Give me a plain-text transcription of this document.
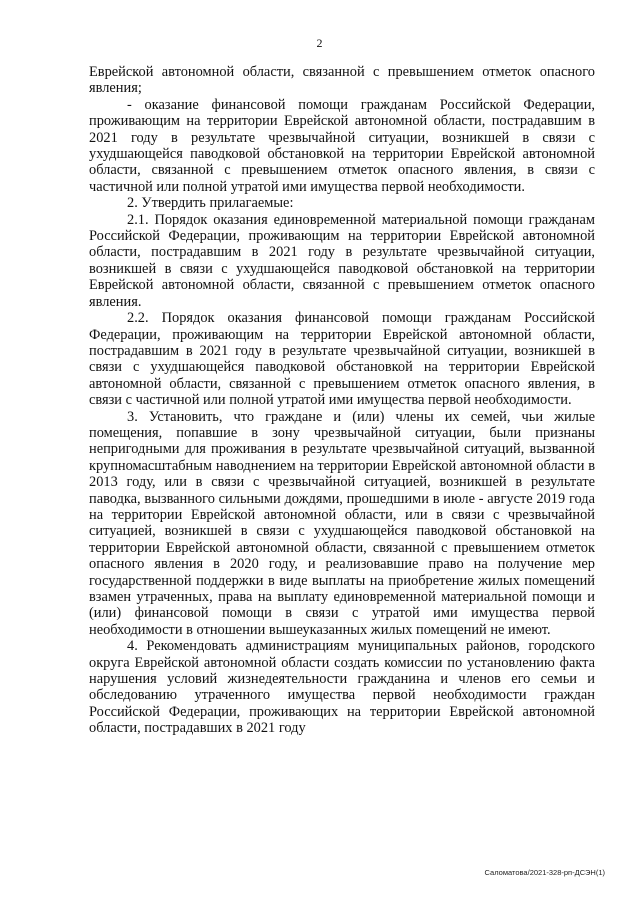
2

Еврейской автономной области, связанной с превышением отметок опасного явления;

- оказание финансовой помощи гражданам Российской Федерации, проживающим на территории Еврейской автономной области, пострадавшим в 2021 году в результате чрезвычайной ситуации, возникшей в связи с ухудшающейся паводковой обстановкой на территории Еврейской автономной области, связанной с превышением отметок опасного явления, в связи с частичной или полной утратой ими имущества первой необходимости.

2. Утвердить прилагаемые:

2.1. Порядок оказания единовременной материальной помощи гражданам Российской Федерации, проживающим на территории Еврейской автономной области, пострадавшим в 2021 году в результате чрезвычайной ситуации, возникшей в связи с ухудшающейся паводковой обстановкой на территории Еврейской автономной области, связанной с превышением отметок опасного явления.

2.2. Порядок оказания финансовой помощи гражданам Российской Федерации, проживающим на территории Еврейской автономной области, пострадавшим в 2021 году в результате чрезвычайной ситуации, возникшей в связи с ухудшающейся паводковой обстановкой на территории Еврейской автономной области, связанной с превышением отметок опасного явления, в связи с частичной или полной утратой ими имущества первой необходимости.

3. Установить, что граждане и (или) члены их семей, чьи жилые помещения, попавшие в зону чрезвычайной ситуации, были признаны непригодными для проживания в результате чрезвычайной ситуаций, вызванной крупномасштабным наводнением на территории Еврейской автономной области в 2013 году, или в связи с чрезвычайной ситуацией, возникшей в результате паводка, вызванного сильными дождями, прошедшими в июле - августе 2019 года на территории Еврейской автономной области, или в связи с чрезвычайной ситуацией, возникшей в связи с ухудшающейся паводковой обстановкой на территории Еврейской автономной области, связанной с превышением отметок опасного явления в 2020 году, и реализовавшие право на получение мер государственной поддержки в виде выплаты на приобретение жилых помещений взамен утраченных, права на выплату единовременной материальной помощи и (или) финансовой помощи в связи с утратой ими имущества первой необходимости в отношении вышеуказанных жилых помещений не имеют.

4. Рекомендовать администрациям муниципальных районов, городского округа Еврейской автономной области создать комиссии по установлению факта нарушения условий жизнедеятельности гражданина и членов его семьи и обследованию утраченного имущества первой необходимости граждан Российской Федерации, проживающих на территории Еврейской автономной области, пострадавших в 2021 году

Саломатова/2021-328-рп-ДСЭН(1)
